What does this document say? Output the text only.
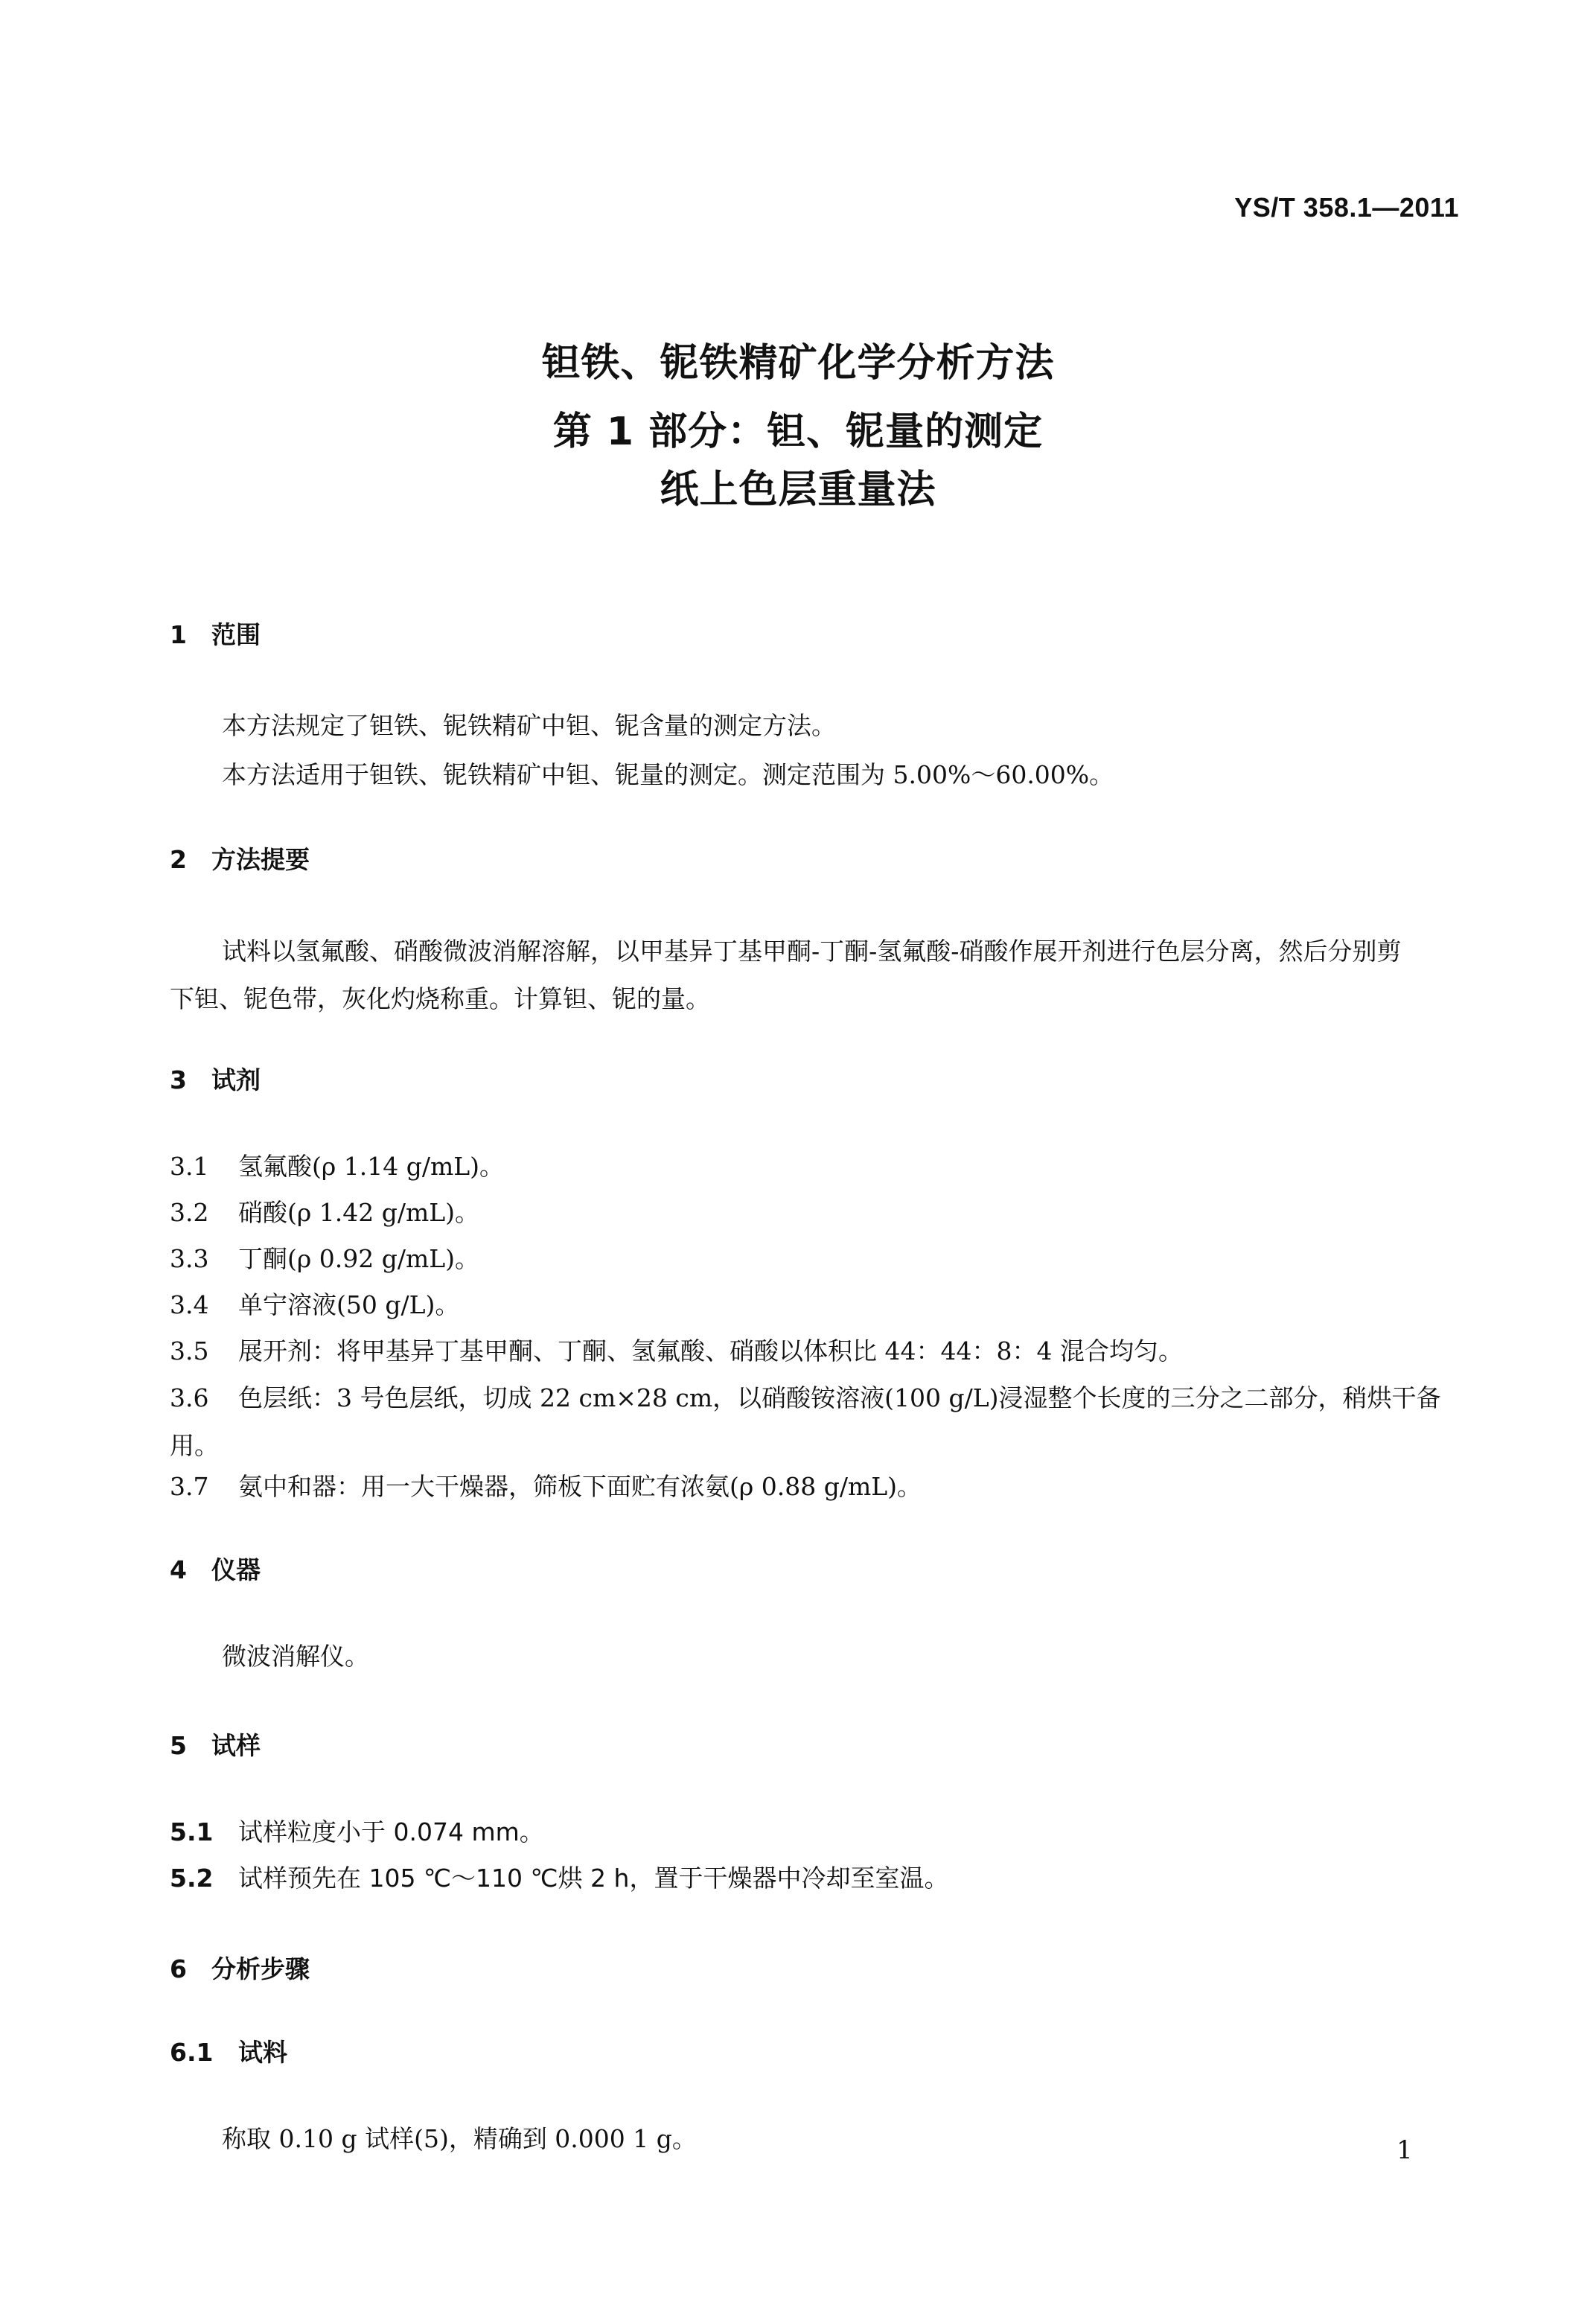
YS/T 358.1—2011
钽铁、铌铁精矿化学分析方法
第 1 部分：钽、铌量的测定
纸上色层重量法
1 范围
本方法规定了钽铁、铌铁精矿中钽、铌含量的测定方法。
本方法适用于钽铁、铌铁精矿中钽、铌量的测定。测定范围为 5.00%～60.00%。
2 方法提要
试料以氢氟酸、硝酸微波消解溶解，以甲基异丁基甲酮-丁酮-氢氟酸-硝酸作展开剂进行色层分离，然后分别剪下钽、铌色带，灰化灼烧称重。计算钽、铌的量。
3 试剂
3.1 氢氟酸(ρ 1.14 g/mL)。
3.2 硝酸(ρ 1.42 g/mL)。
3.3 丁酮(ρ 0.92 g/mL)。
3.4 单宁溶液(50 g/L)。
3.5 展开剂：将甲基异丁基甲酮、丁酮、氢氟酸、硝酸以体积比 44：44：8：4 混合均匀。
3.6 色层纸：3 号色层纸，切成 22 cm×28 cm，以硝酸铵溶液(100 g/L)浸湿整个长度的三分之二部分，稍烘干备用。
3.7 氨中和器：用一大干燥器，筛板下面贮有浓氨(ρ 0.88 g/mL)。
4 仪器
微波消解仪。
5 试样
5.1 试样粒度小于 0.074 mm。
5.2 试样预先在 105 ℃～110 ℃烘 2 h，置于干燥器中冷却至室温。
6 分析步骤
6.1 试料
称取 0.10 g 试样(5)，精确到 0.000 1 g。	1
